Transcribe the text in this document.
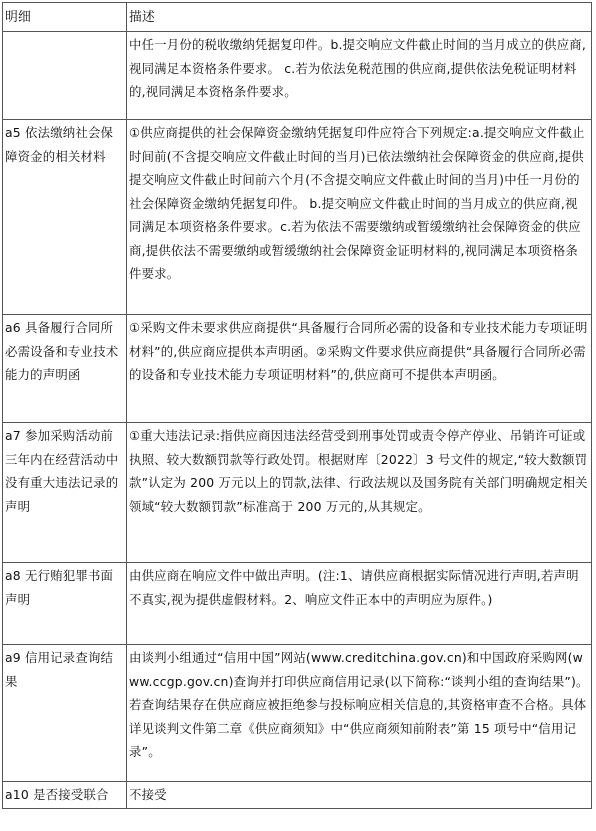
明细	描述
	中任一月份的税收缴纳凭据复印件。b.提交响应文件截止时间的当月成立的供应商,视同满足本资格条件要求。 c.若为依法免税范围的供应商,提供依法免税证明材料的,视同满足本资格条件要求。
a5 依法缴纳社会保障资金的相关材料	①供应商提供的社会保障资金缴纳凭据复印件应符合下列规定:a.提交响应文件截止时间前(不含提交响应文件截止时间的当月)已依法缴纳社会保障资金的供应商,提供提交响应文件截止时间前六个月(不含提交响应文件截止时间的当月)中任一月份的社会保障资金缴纳凭据复印件。 b.提交响应文件截止时间的当月成立的供应商,视同满足本项资格条件要求。c.若为依法不需要缴纳或暂缓缴纳社会保障资金的供应商,提供依法不需要缴纳或暂缓缴纳社会保障资金证明材料的,视同满足本项资格条件要求。
a6 具备履行合同所必需设备和专业技术能力的声明函	①采购文件未要求供应商提供“具备履行合同所必需的设备和专业技术能力专项证明材料”的,供应商应提供本声明函。②采购文件要求供应商提供“具备履行合同所必需的设备和专业技术能力专项证明材料”的,供应商可不提供本声明函。
a7 参加采购活动前三年内在经营活动中没有重大违法记录的声明	①重大违法记录:指供应商因违法经营受到刑事处罚或责令停产停业、吊销许可证或执照、较大数额罚款等行政处罚。根据财库〔2022〕3 号文件的规定,“较大数额罚款”认定为 200 万元以上的罚款,法律、行政法规以及国务院有关部门明确规定相关领域“较大数额罚款”标准高于 200 万元的,从其规定。
a8 无行贿犯罪书面声明	由供应商在响应文件中做出声明。(注:1、请供应商根据实际情况进行声明,若声明不真实,视为提供虚假材料。2、响应文件正本中的声明应为原件。)
a9 信用记录查询结果	由谈判小组通过“信用中国”网站(www.creditchina.gov.cn)和中国政府采购网(www.ccgp.gov.cn)查询并打印供应商信用记录(以下简称:“谈判小组的查询结果”)。若查询结果存在供应商应被拒绝参与投标响应相关信息的,其资格审查不合格。具体详见谈判文件第二章《供应商须知》中“供应商须知前附表”第 15 项号中“信用记录”。
a10 是否接受联合	不接受
